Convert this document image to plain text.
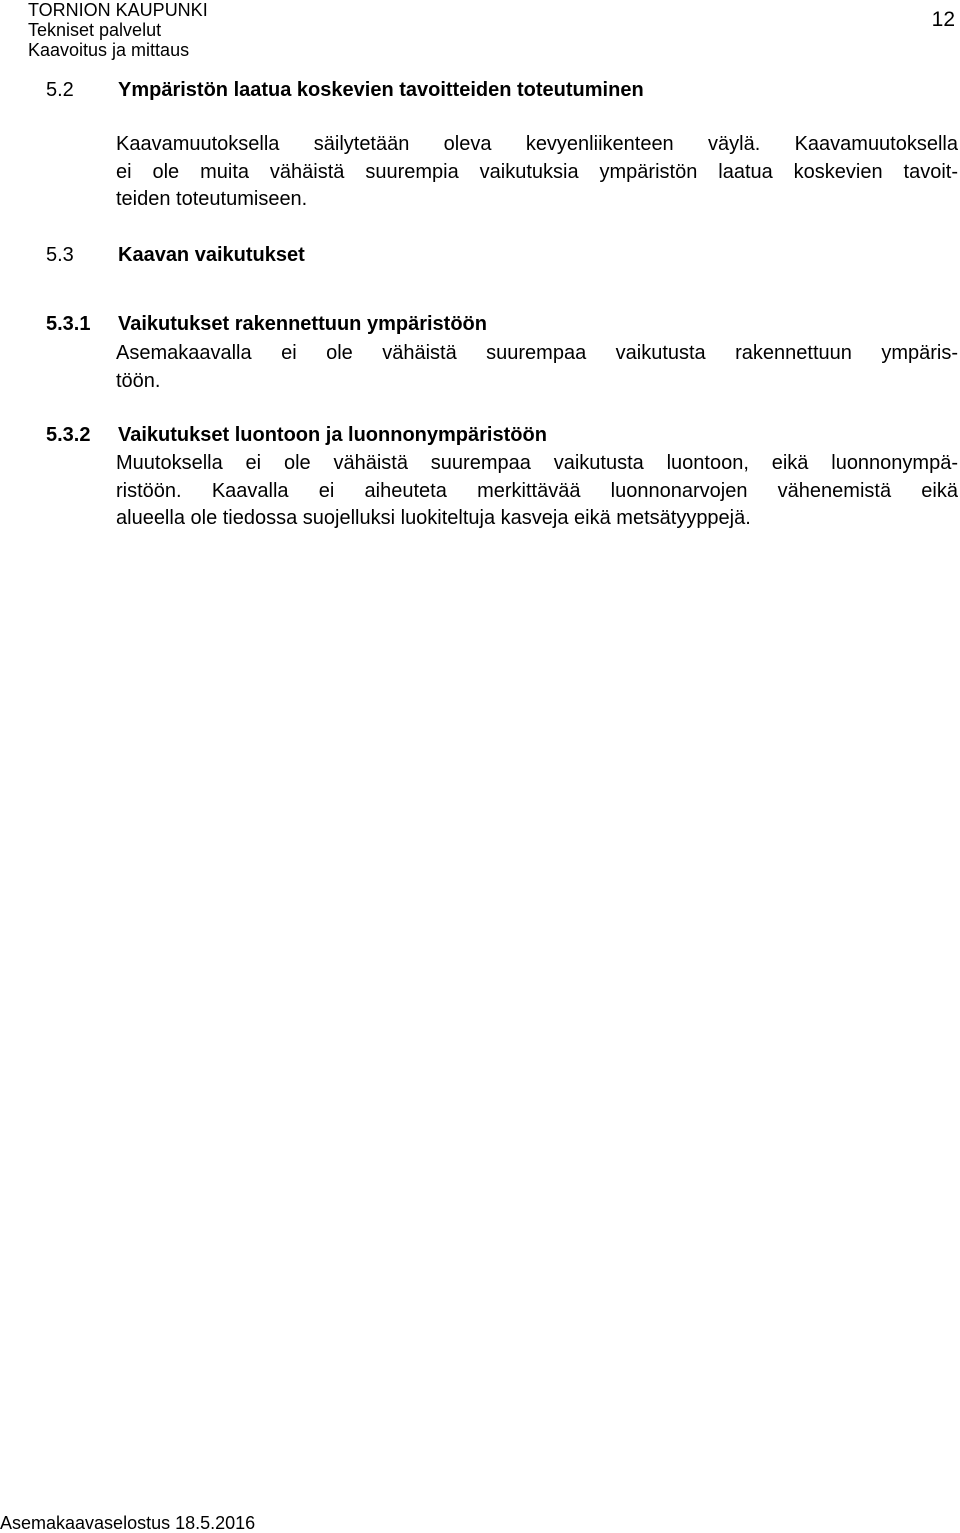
TORNION KAUPUNKI
Tekniset palvelut
Kaavoitus ja mittaus
12
5.2 Ympäristön laatua koskevien tavoitteiden toteutuminen
Kaavamuutoksella säilytetään oleva kevyenliikenteen väylä. Kaavamuutoksella
ei ole muita vähäistä suurempia vaikutuksia ympäristön laatua koskevien tavoit-
teiden toteutumiseen.
5.3 Kaavan vaikutukset
5.3.1 Vaikutukset rakennettuun ympäristöön
Asemakaavalla ei ole vähäistä suurempaa vaikutusta rakennettuun ympäris-
töön.
5.3.2 Vaikutukset luontoon ja luonnonympäristöön
Muutoksella ei ole vähäistä suurempaa vaikutusta luontoon, eikä luonnonympä-
ristöön. Kaavalla ei aiheuteta merkittävää luonnonarvojen vähenemistä eikä
alueella ole tiedossa suojelluksi luokiteltuja kasveja eikä metsätyyppejä.
Asemakaavaselostus 18.5.2016
